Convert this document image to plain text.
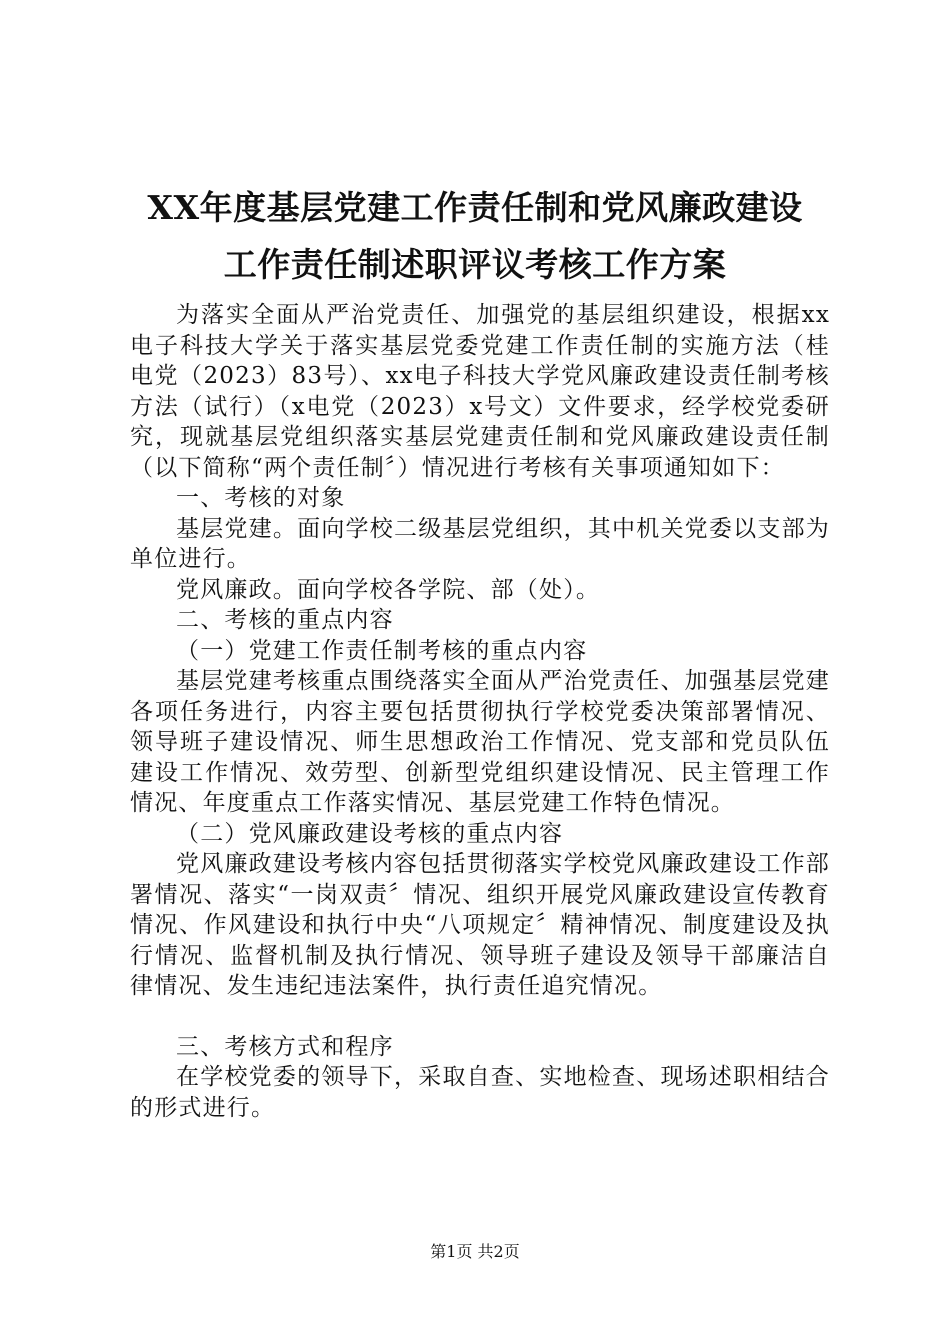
XX年度基层党建工作责任制和党风廉政建设
工作责任制述职评议考核工作方案

为落实全面从严治党责任、加强党的基层组织建设，根据xx电子科技大学关于落实基层党委党建工作责任制的实施方法（桂电党（2023）83号）、xx电子科技大学党风廉政建设责任制考核方法（试行）（x电党（2023）x号文）文件要求，经学校党委研究，现就基层党组织落实基层党建责任制和党风廉政建设责任制（以下简称“两个责任制〞）情况进行考核有关事项通知如下：

一、考核的对象

基层党建。面向学校二级基层党组织，其中机关党委以支部为单位进行。

党风廉政。面向学校各学院、部（处）。

二、考核的重点内容

（一）党建工作责任制考核的重点内容

基层党建考核重点围绕落实全面从严治党责任、加强基层党建各项任务进行，内容主要包括贯彻执行学校党委决策部署情况、领导班子建设情况、师生思想政治工作情况、党支部和党员队伍建设工作情况、效劳型、创新型党组织建设情况、民主管理工作情况、年度重点工作落实情况、基层党建工作特色情况。

（二）党风廉政建设考核的重点内容

党风廉政建设考核内容包括贯彻落实学校党风廉政建设工作部署情况、落实“一岗双责〞情况、组织开展党风廉政建设宣传教育情况、作风建设和执行中央“八项规定〞精神情况、制度建设及执行情况、监督机制及执行情况、领导班子建设及领导干部廉洁自律情况、发生违纪违法案件，执行责任追究情况。

三、考核方式和程序

在学校党委的领导下，采取自查、实地检查、现场述职相结合的形式进行。

第1页 共2页
